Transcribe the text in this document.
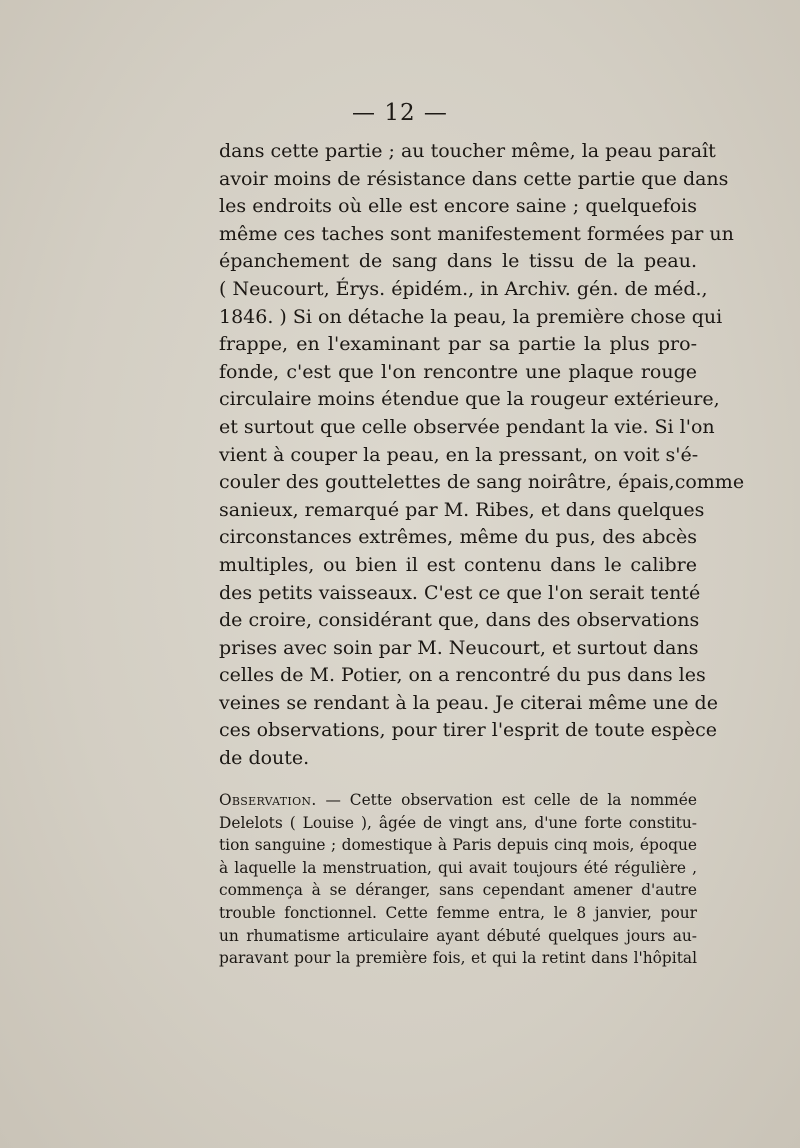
— 12 —
dans cette partie ; au toucher même, la peau paraît
avoir moins de résistance dans cette partie que dans
les endroits où elle est encore saine ; quelquefois
même ces taches sont manifestement formées par un
épanchement de sang dans le tissu de la peau.
( Neucourt, Érys. épidém., in Archiv. gén. de méd.,
1846. ) Si on détache la peau, la première chose qui
frappe, en l'examinant par sa partie la plus pro-
fonde, c'est que l'on rencontre une plaque rouge
circulaire moins étendue que la rougeur extérieure,
et surtout que celle observée pendant la vie. Si l'on
vient à couper la peau, en la pressant, on voit s'é-
couler des gouttelettes de sang noirâtre, épais,comme
sanieux, remarqué par M. Ribes, et dans quelques
circonstances extrêmes, même du pus, des abcès
multiples, ou bien il est contenu dans le calibre
des petits vaisseaux. C'est ce que l'on serait tenté
de croire, considérant que, dans des observations
prises avec soin par M. Neucourt, et surtout dans
celles de M. Potier, on a rencontré du pus dans les
veines se rendant à la peau. Je citerai même une de
ces observations, pour tirer l'esprit de toute espèce
de doute.
Observation. — Cette observation est celle de la nommée
Delelots ( Louise ), âgée de vingt ans, d'une forte constitu-
tion sanguine ; domestique à Paris depuis cinq mois, époque
à laquelle la menstruation, qui avait toujours été régulière ,
commença à se déranger, sans cependant amener d'autre
trouble fonctionnel. Cette femme entra, le 8 janvier, pour
un rhumatisme articulaire ayant débuté quelques jours au-
paravant pour la première fois, et qui la retint dans l'hôpital
